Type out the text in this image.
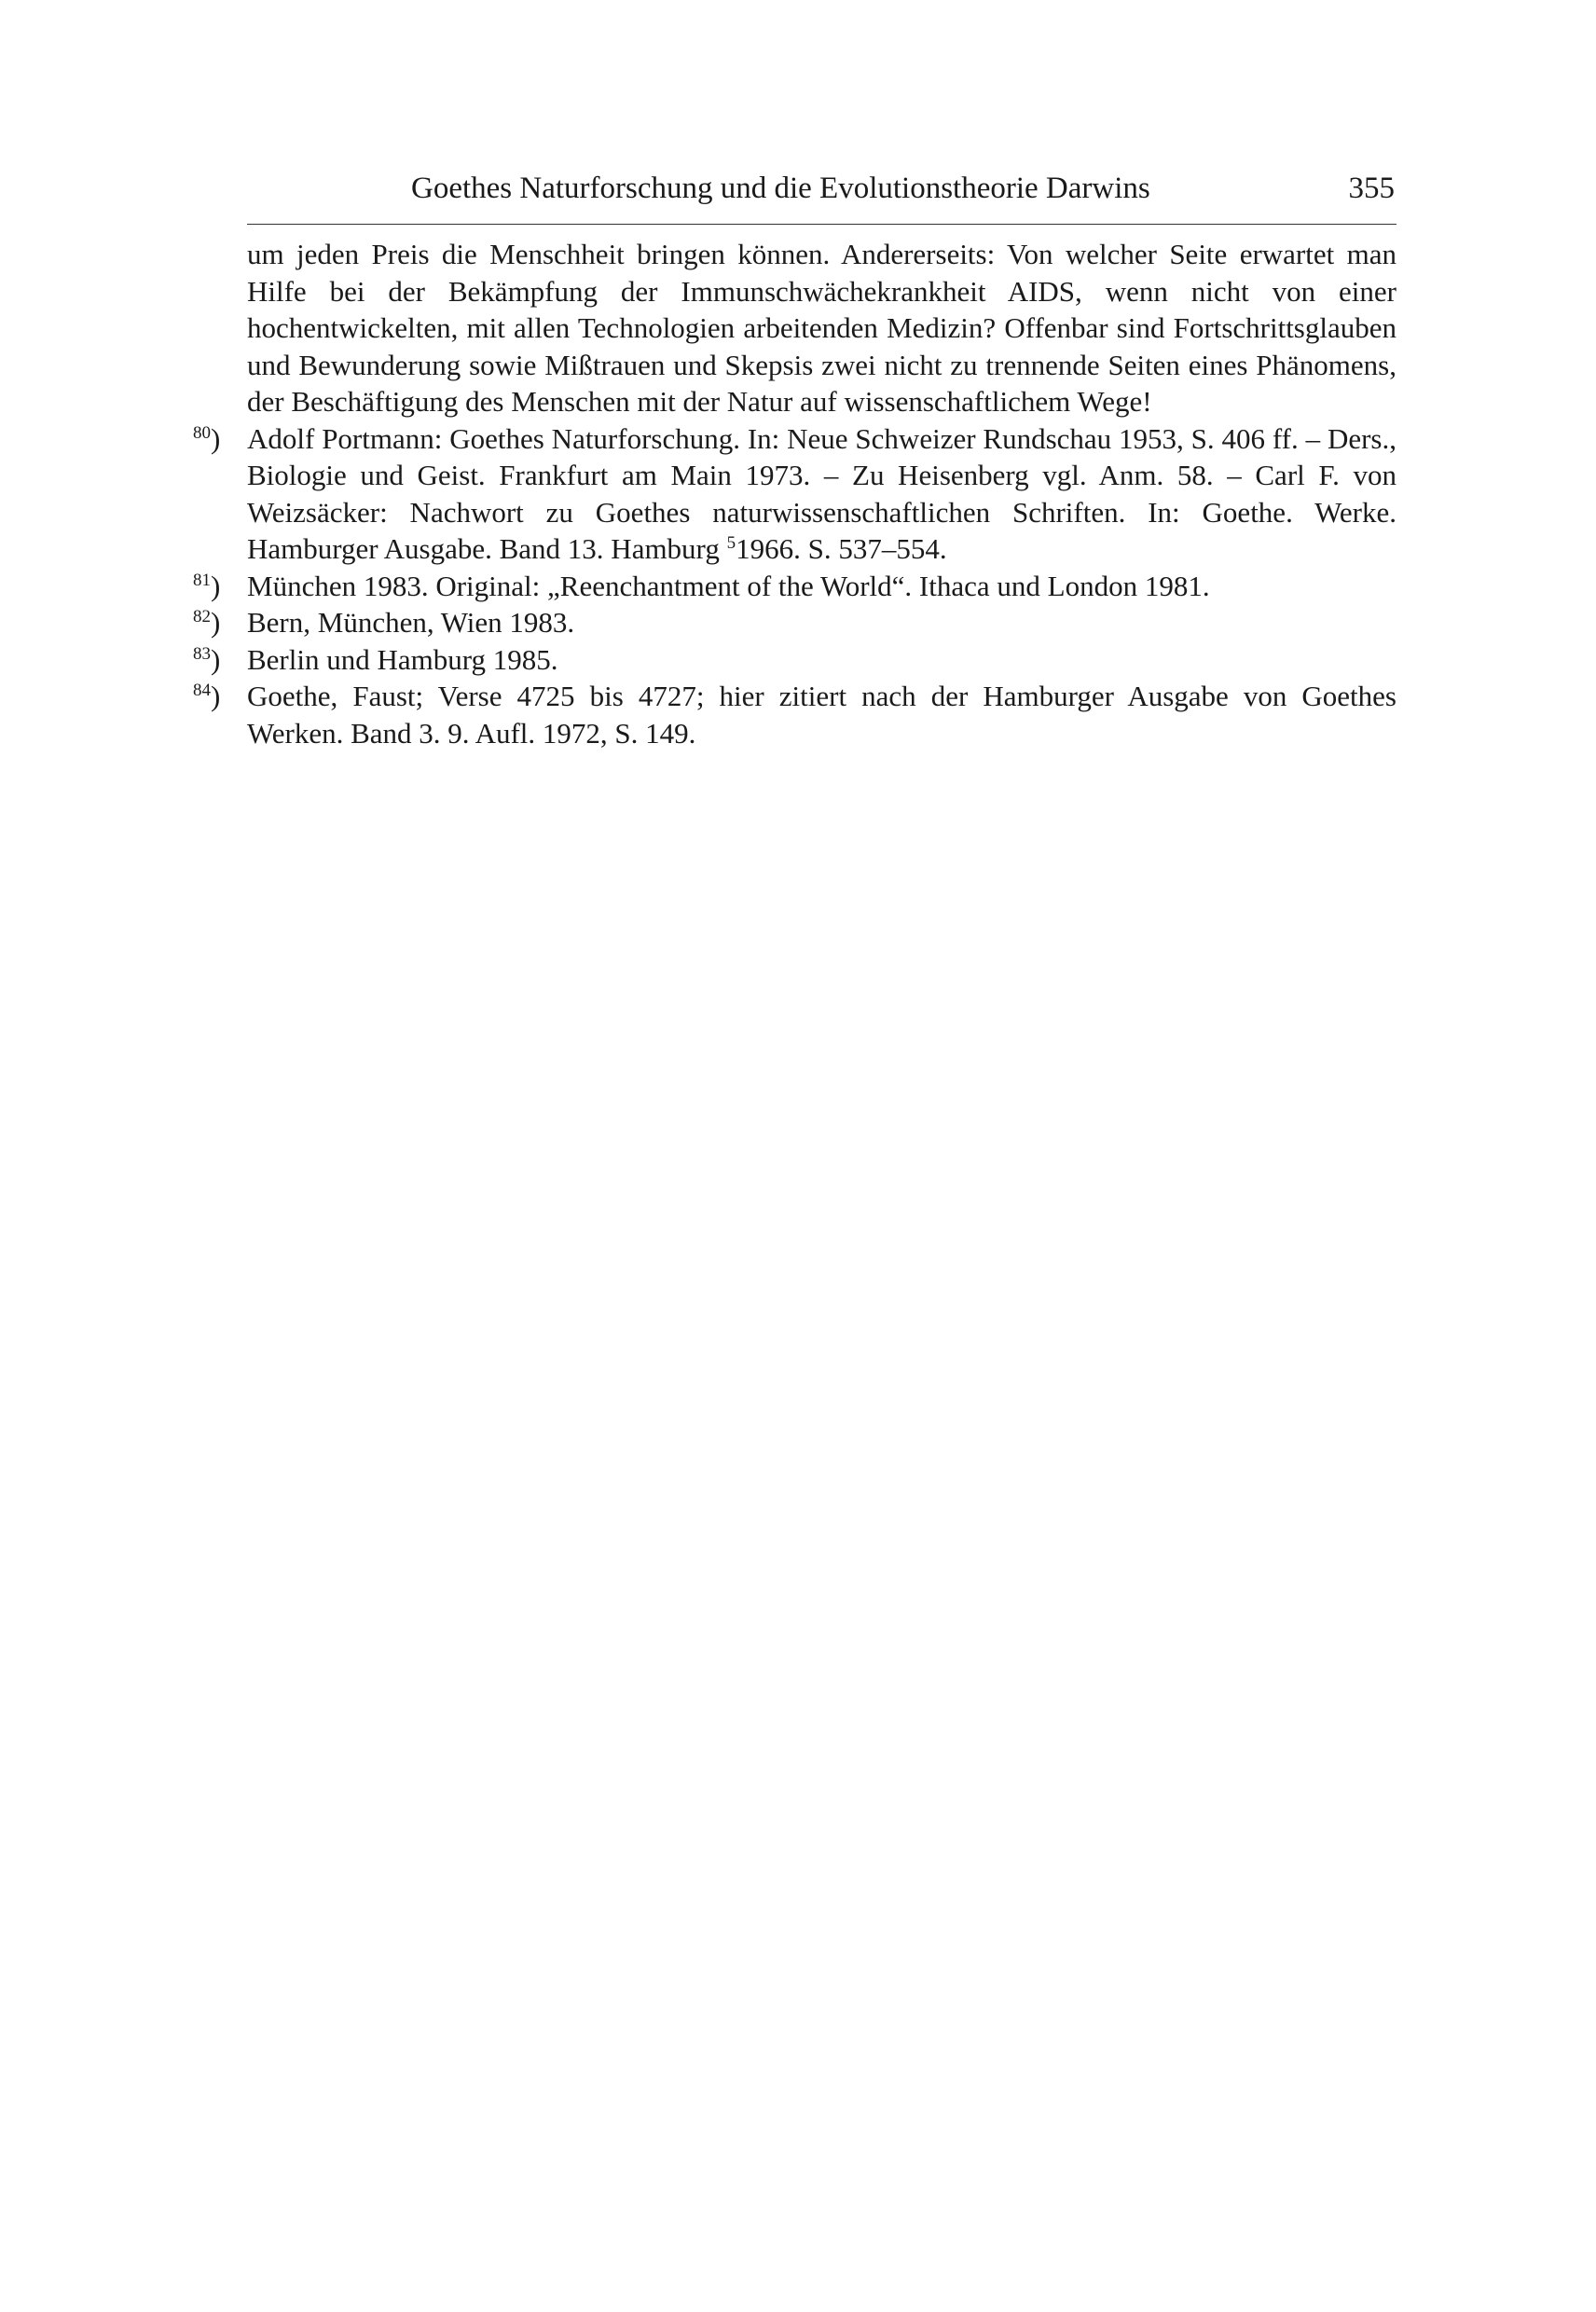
Goethes Naturforschung und die Evolutionstheorie Darwins	355

um jeden Preis die Menschheit bringen können. Andererseits: Von welcher Seite erwartet man Hilfe bei der Bekämpfung der Immunschwächekrankheit AIDS, wenn nicht von einer hochentwickelten, mit allen Technologien arbeitenden Medizin? Offenbar sind Fortschrittsglauben und Bewunderung sowie Mißtrauen und Skepsis zwei nicht zu trennende Seiten eines Phänomens, der Beschäftigung des Menschen mit der Natur auf wissenschaftlichem Wege!

$^{80}$) Adolf Portmann: Goethes Naturforschung. In: Neue Schweizer Rundschau 1953, S. 406 ff. – Ders., Biologie und Geist. Frankfurt am Main 1973. – Zu Heisenberg vgl. Anm. 58. – Carl F. von Weizsäcker: Nachwort zu Goethes naturwissenschaftlichen Schriften. In: Goethe. Werke. Hamburger Ausgabe. Band 13. Hamburg $^5$1966. S. 537–554.
$^{81}$) München 1983. Original: „Reenchantment of the World“. Ithaca und London 1981.
$^{82}$) Bern, München, Wien 1983.
$^{83}$) Berlin und Hamburg 1985.
$^{84}$) Goethe, Faust; Verse 4725 bis 4727; hier zitiert nach der Hamburger Ausgabe von Goethes Werken. Band 3. 9. Aufl. 1972, S. 149.
